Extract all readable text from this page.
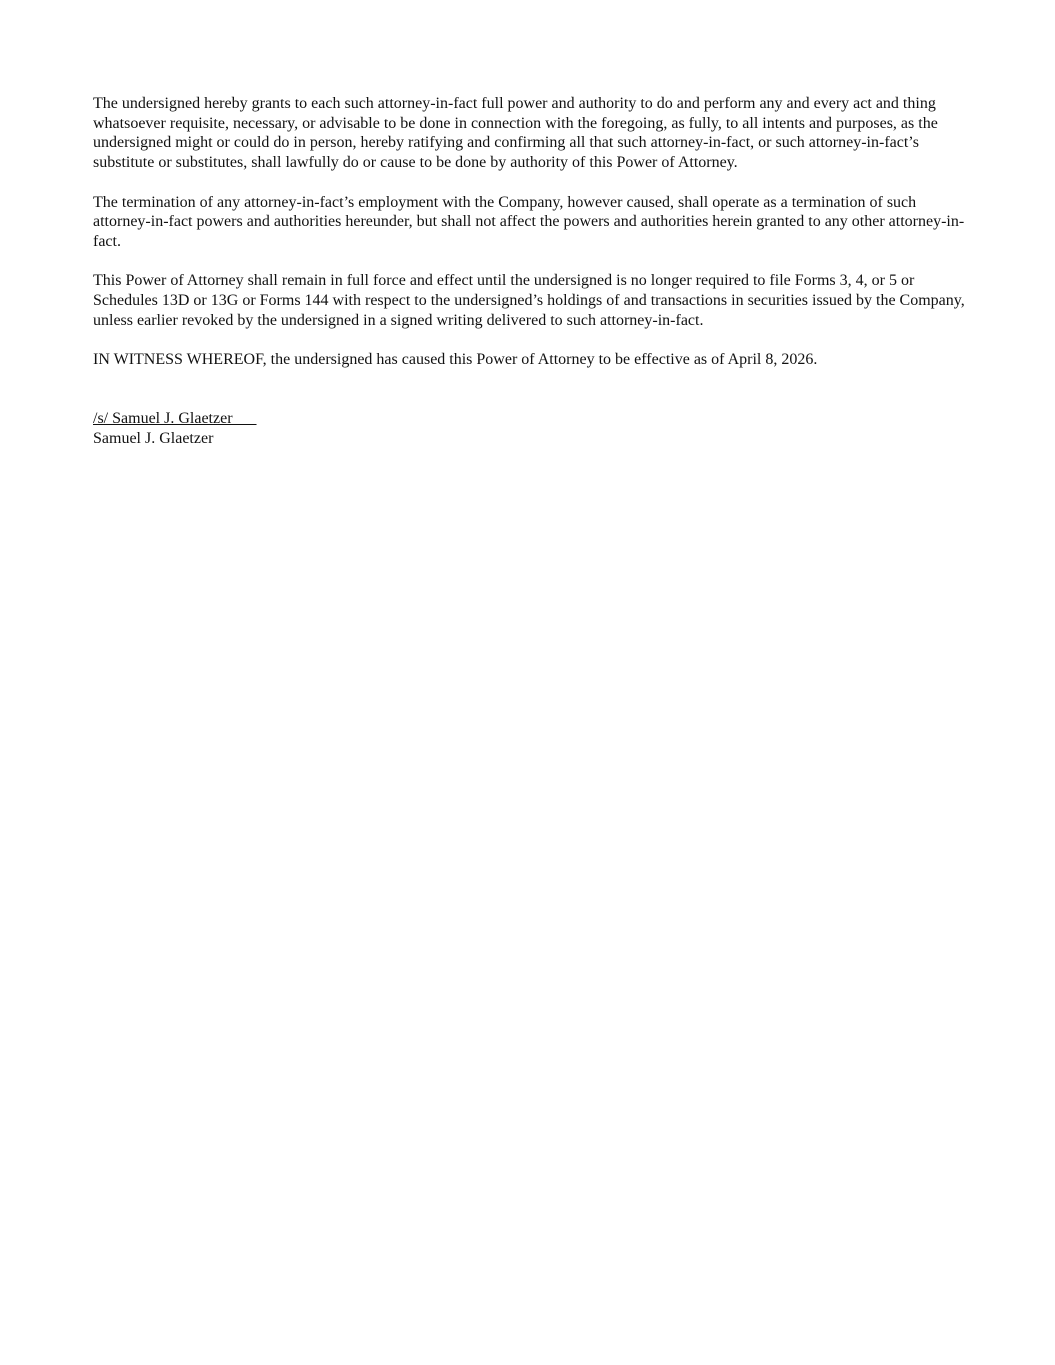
The undersigned hereby grants to each such attorney-in-fact full power and authority to do and perform any and every act and thing whatsoever requisite, necessary, or advisable to be done in connection with the foregoing, as fully, to all intents and purposes, as the undersigned might or could do in person, hereby ratifying and confirming all that such attorney-in-fact, or such attorney-in-fact’s substitute or substitutes, shall lawfully do or cause to be done by authority of this Power of Attorney.

The termination of any attorney-in-fact’s employment with the Company, however caused, shall operate as a termination of such attorney-in-fact powers and authorities hereunder, but shall not affect the powers and authorities herein granted to any other attorney-in-fact.

This Power of Attorney shall remain in full force and effect until the undersigned is no longer required to file Forms 3, 4, or 5 or Schedules 13D or 13G or Forms 144 with respect to the undersigned’s holdings of and transactions in securities issued by the Company, unless earlier revoked by the undersigned in a signed writing delivered to such attorney-in-fact.

IN WITNESS WHEREOF, the undersigned has caused this Power of Attorney to be effective as of April 8, 2026.

/s/ Samuel J. Glaetzer
Samuel J. Glaetzer
